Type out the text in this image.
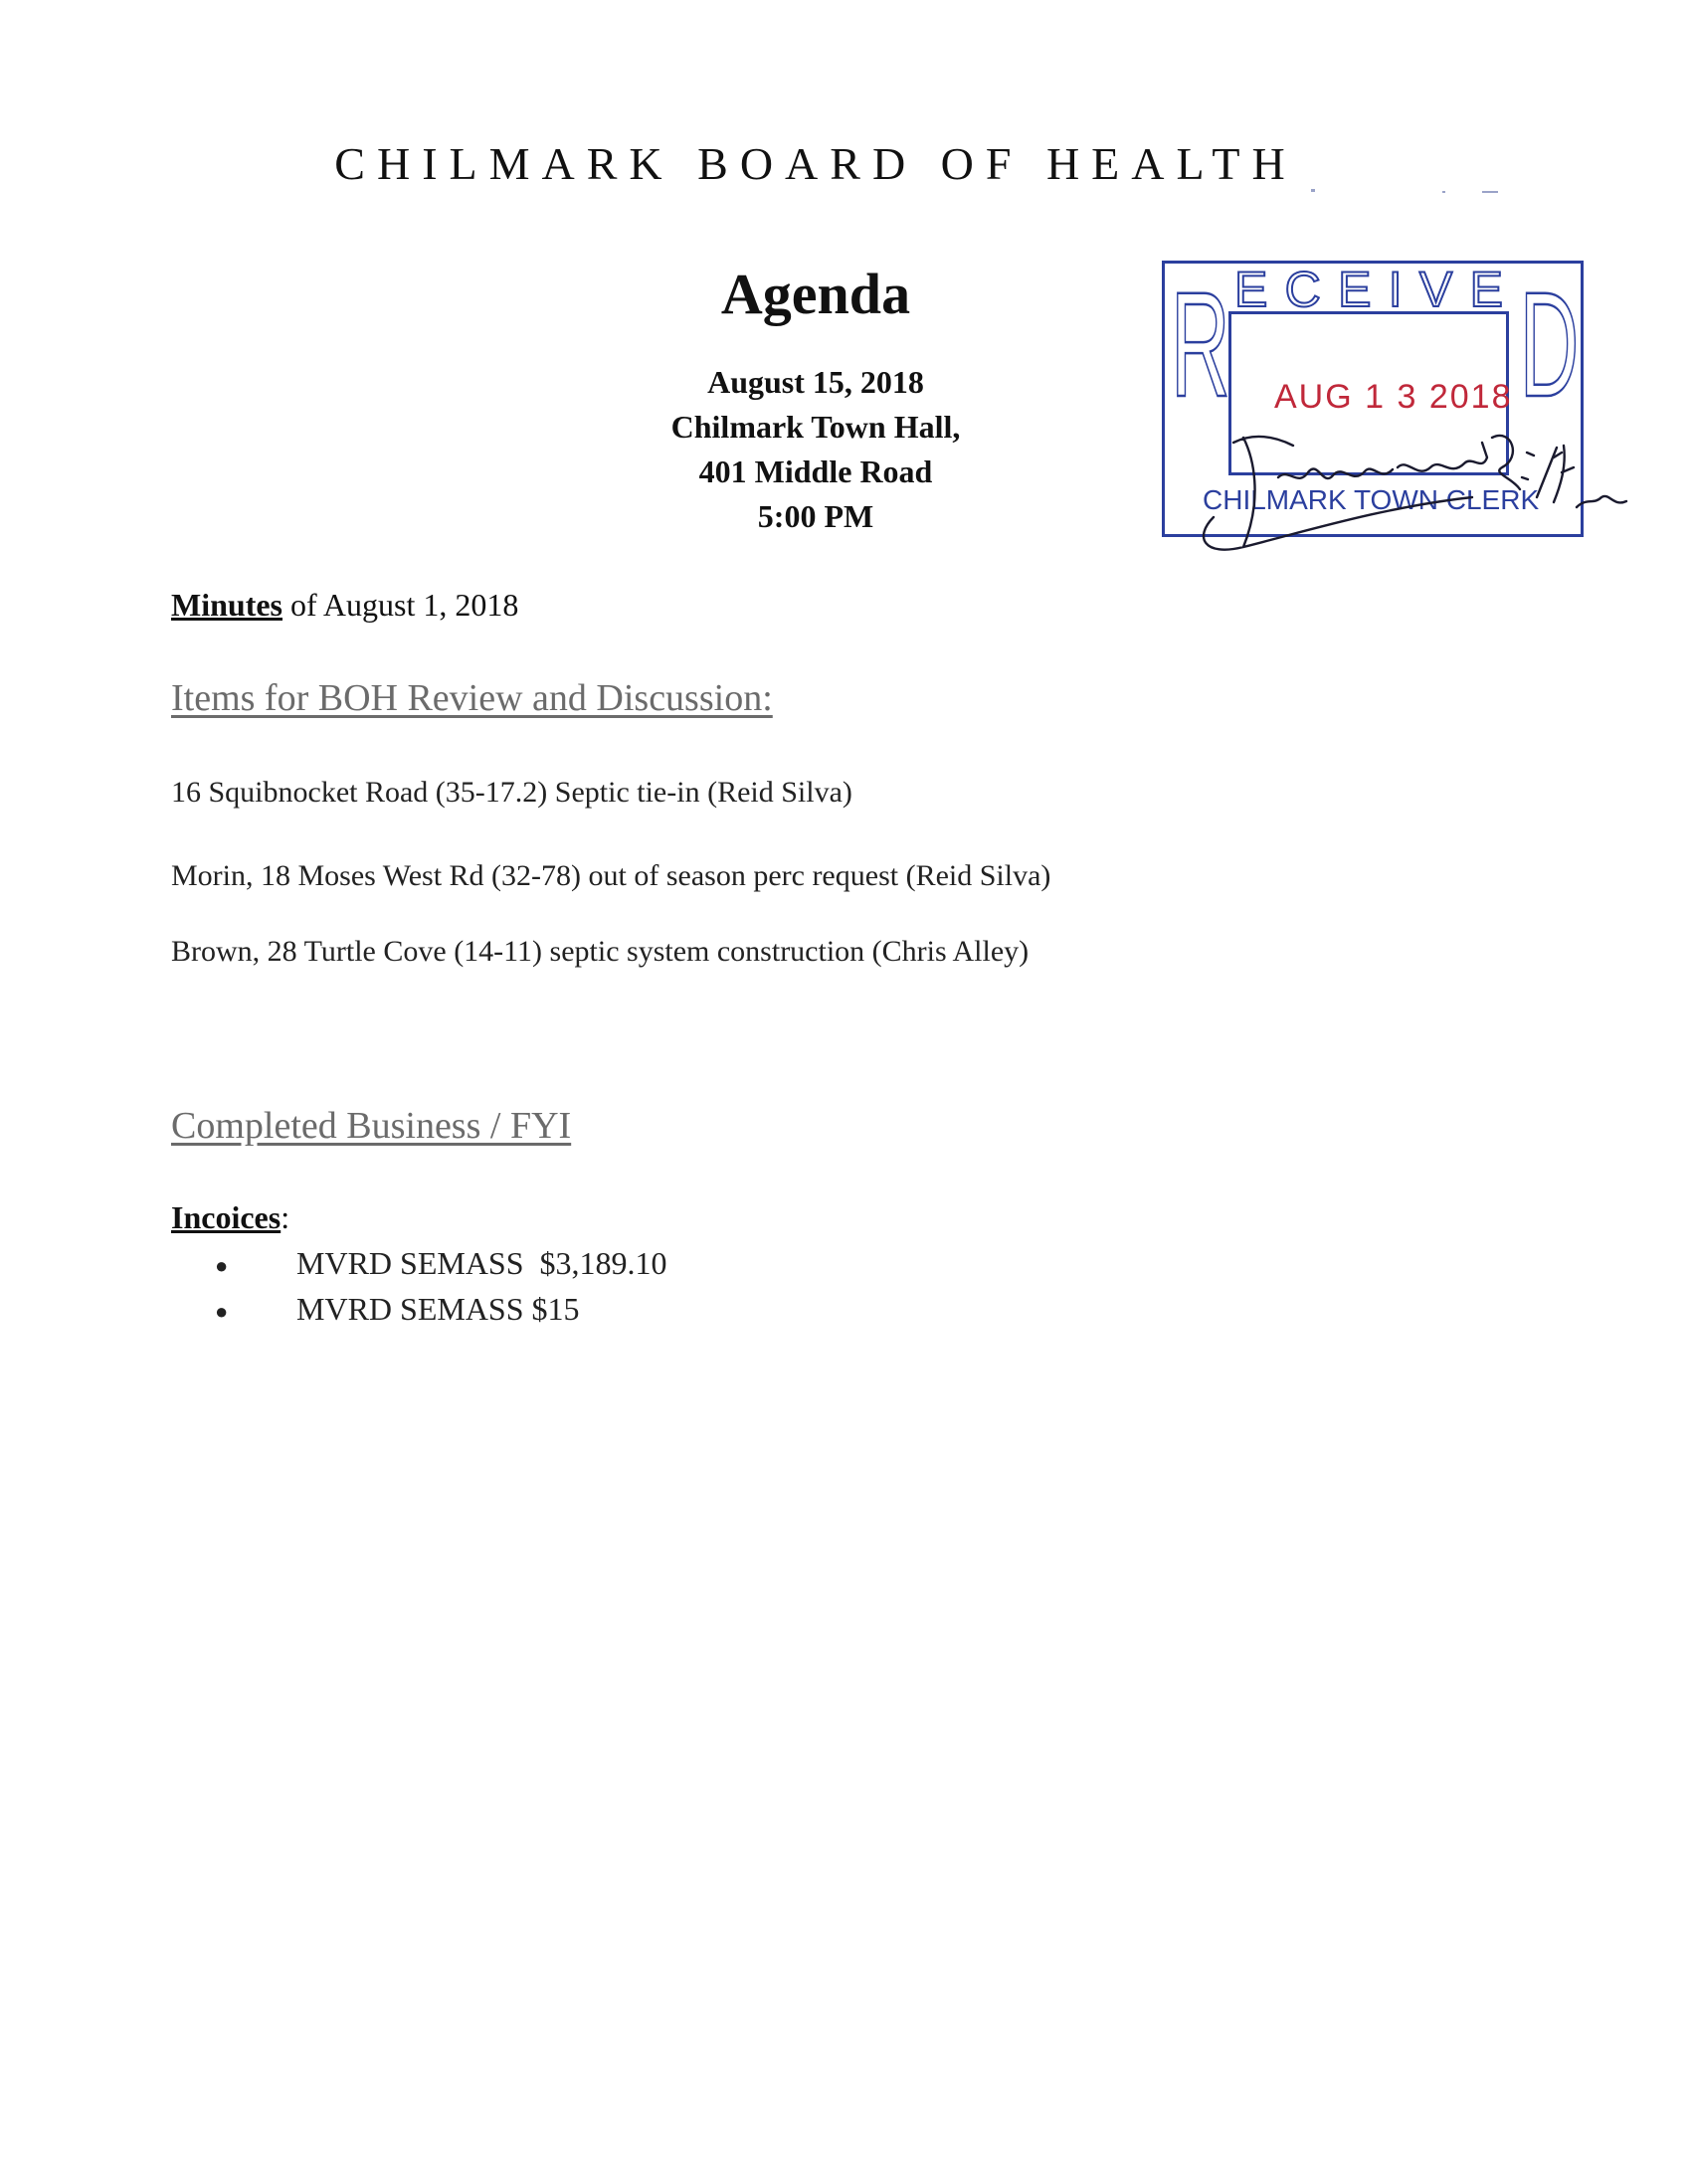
CHILMARK BOARD OF HEALTH
Agenda
August 15, 2018
Chilmark Town Hall,
401 Middle Road
5:00 PM
R D
E C E I V E
AUG 1 3 2018
CHILMARK TOWN CLERK
Minutes of August 1, 2018
Items for BOH Review and Discussion:
16 Squibnocket Road (35-17.2) Septic tie-in (Reid Silva)
Morin, 18 Moses West Rd (32-78) out of season perc request (Reid Silva)
Brown, 28 Turtle Cove (14-11) septic system construction (Chris Alley)
Completed Business / FYI
Incoices:
● MVRD SEMASS  $3,189.10
● MVRD SEMASS $15
